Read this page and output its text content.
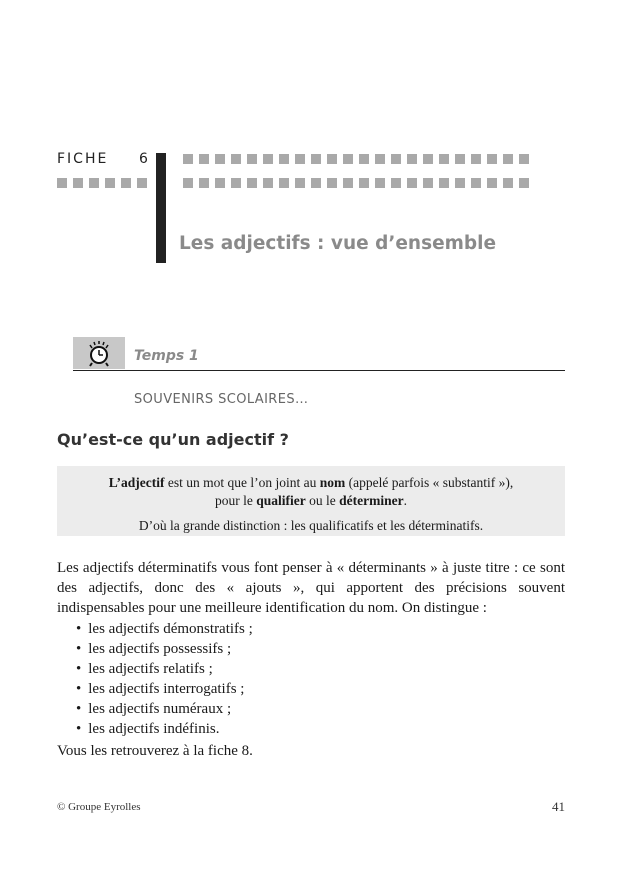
FICHE 6
Les adjectifs : vue d’ensemble
Temps 1
SOUVENIRS SCOLAIRES…
Qu’est-ce qu’un adjectif ?

L’adjectif est un mot que l’on joint au nom (appelé parfois « substantif »),

pour le qualifier ou le déterminer.

D’où la grande distinction : les qualificatifs et les déterminatifs.

Les adjectifs déterminatifs vous font penser à « déterminants » à juste titre : ce sont des adjectifs, donc des « ajouts », qui apportent des précisions souvent indispensables pour une meilleure identification du nom. On distingue :
• les adjectifs démonstratifs ;
• les adjectifs possessifs ;
• les adjectifs relatifs ;
• les adjectifs interrogatifs ;
• les adjectifs numéraux ;
• les adjectifs indéfinis.
Vous les retrouverez à la fiche 8.
© Groupe Eyrolles	41
